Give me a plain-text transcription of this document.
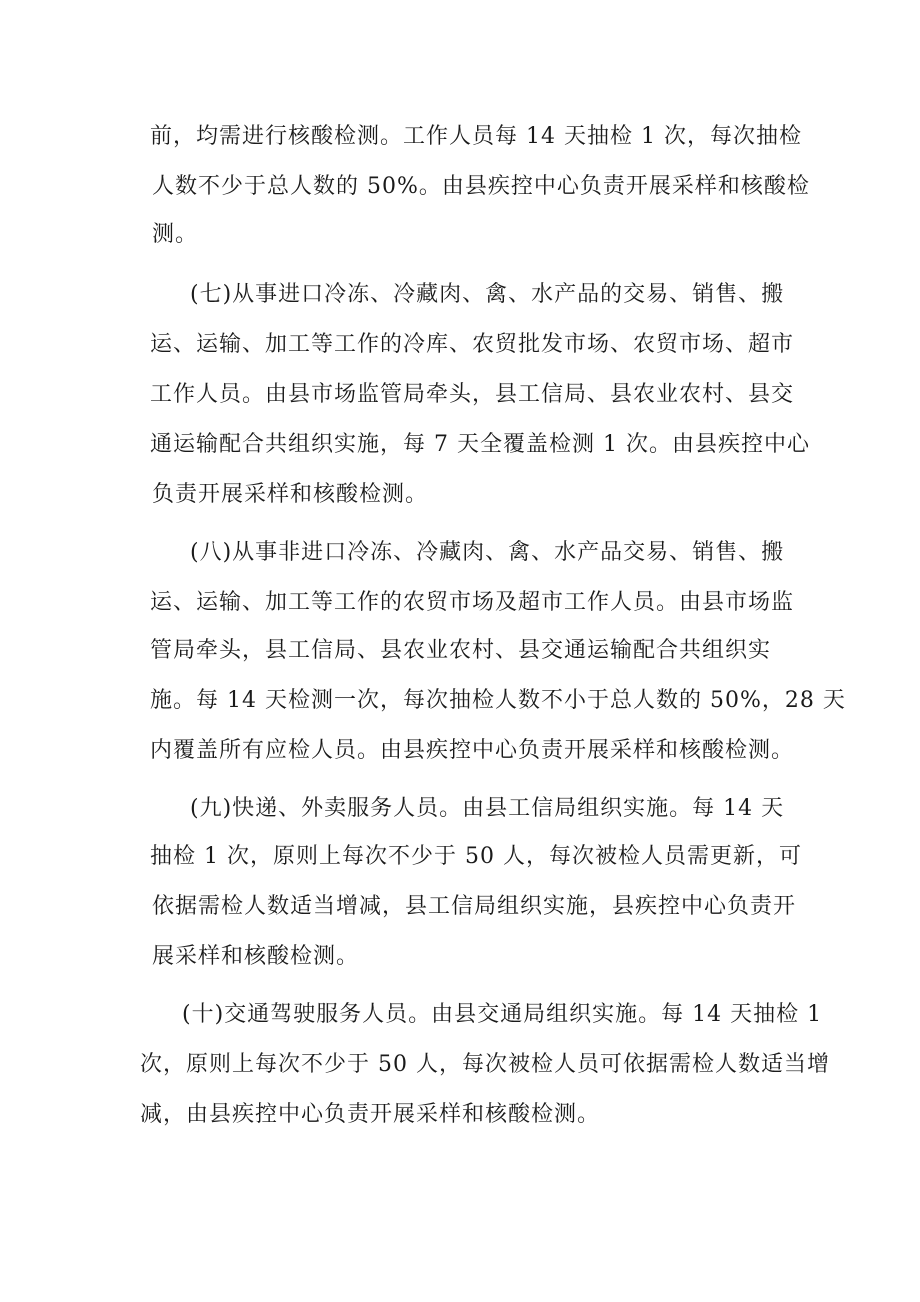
前，均需进行核酸检测。工作人员每 14 天抽检 1 次，每次抽检
人数不少于总人数的 50%。由县疾控中心负责开展采样和核酸检
测。
(七)从事进口冷冻、冷藏肉、禽、水产品的交易、销售、搬
运、运输、加工等工作的冷库、农贸批发市场、农贸市场、超市
工作人员。由县市场监管局牵头，县工信局、县农业农村、县交
通运输配合共组织实施，每 7 天全覆盖检测 1 次。由县疾控中心
负责开展采样和核酸检测。
(八)从事非进口冷冻、冷藏肉、禽、水产品交易、销售、搬
运、运输、加工等工作的农贸市场及超市工作人员。由县市场监
管局牵头，县工信局、县农业农村、县交通运输配合共组织实
施。每 14 天检测一次，每次抽检人数不小于总人数的 50%，28 天
内覆盖所有应检人员。由县疾控中心负责开展采样和核酸检测。
(九)快递、外卖服务人员。由县工信局组织实施。每 14 天
抽检 1 次，原则上每次不少于 50 人，每次被检人员需更新，可
依据需检人数适当增减，县工信局组织实施，县疾控中心负责开
展采样和核酸检测。
(十)交通驾驶服务人员。由县交通局组织实施。每 14 天抽检 1
次，原则上每次不少于 50 人，每次被检人员可依据需检人数适当增
减，由县疾控中心负责开展采样和核酸检测。
